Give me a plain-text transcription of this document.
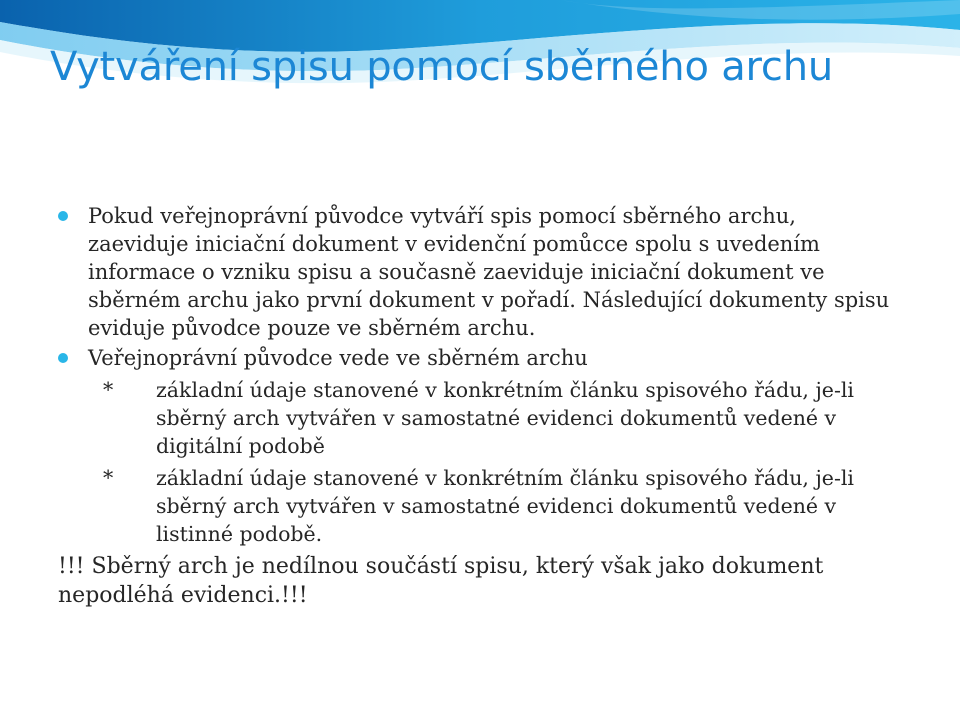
Vytváření spisu pomocí sběrného archu
Pokud veřejnoprávní původce vytváří spis pomocí sběrného archu, zaeviduje iniciační dokument v evidenční pomůcce spolu s uvedením informace o vzniku spisu a současně zaeviduje iniciační dokument ve sběrném archu jako první dokument v pořadí. Následující dokumenty spisu eviduje původce pouze ve sběrném archu.
Veřejnoprávní původce vede ve sběrném archu
* základní údaje stanovené v konkrétním článku spisového řádu, je-li sběrný arch vytvářen v samostatné evidenci dokumentů vedené v digitální podobě
* základní údaje stanovené v konkrétním článku spisového řádu, je-li sběrný arch vytvářen v samostatné evidenci dokumentů vedené v listinné podobě.
!!! Sběrný arch je nedílnou součástí spisu, který však jako dokument nepodléhá evidenci.!!!
